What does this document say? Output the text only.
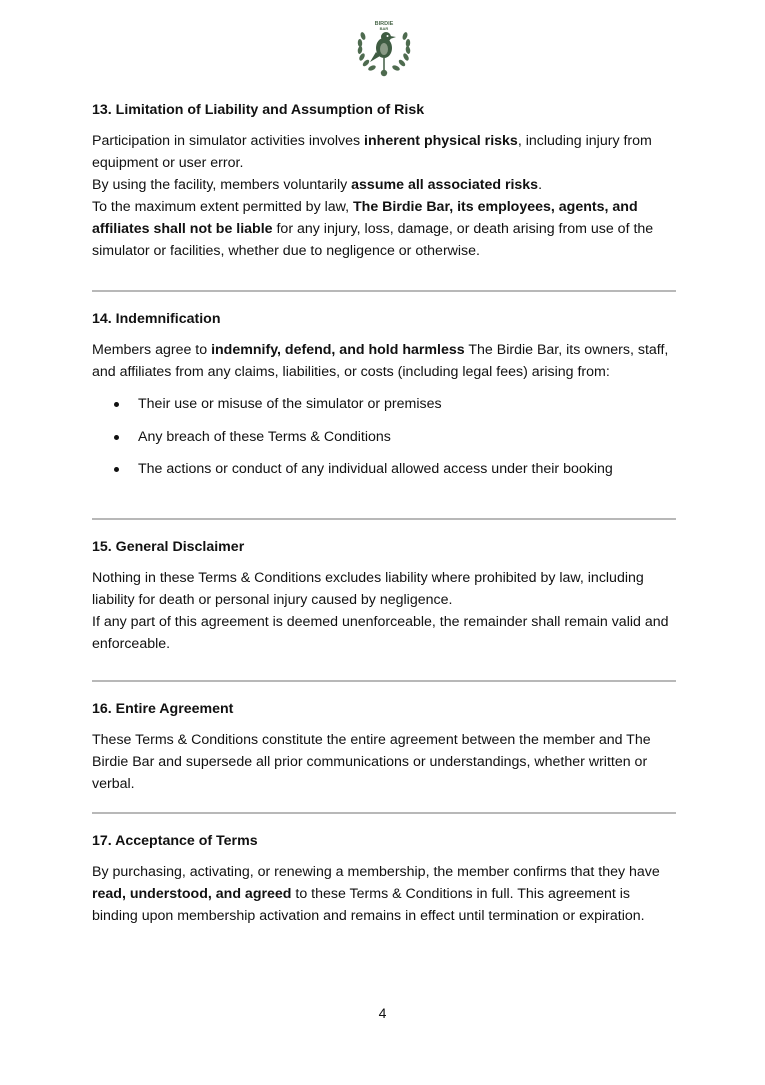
BIRDIE
BAR
13. Limitation of Liability and Assumption of Risk

Participation in simulator activities involves inherent physical risks, including injury from equipment or user error.

By using the facility, members voluntarily assume all associated risks.

To the maximum extent permitted by law, The Birdie Bar, its employees, agents, and affiliates shall not be liable for any injury, loss, damage, or death arising from use of the simulator or facilities, whether due to negligence or otherwise.

14. Indemnification

Members agree to indemnify, defend, and hold harmless The Birdie Bar, its owners, staff, and affiliates from any claims, liabilities, or costs (including legal fees) arising from:

Their use or misuse of the simulator or premises
Any breach of these Terms & Conditions
The actions or conduct of any individual allowed access under their booking
15. General Disclaimer

Nothing in these Terms & Conditions excludes liability where prohibited by law, including liability for death or personal injury caused by negligence.

If any part of this agreement is deemed unenforceable, the remainder shall remain valid and enforceable.

16. Entire Agreement

These Terms & Conditions constitute the entire agreement between the member and The Birdie Bar and supersede all prior communications or understandings, whether written or verbal.

17. Acceptance of Terms

By purchasing, activating, or renewing a membership, the member confirms that they have read, understood, and agreed to these Terms & Conditions in full. This agreement is binding upon membership activation and remains in effect until termination or expiration.

4
